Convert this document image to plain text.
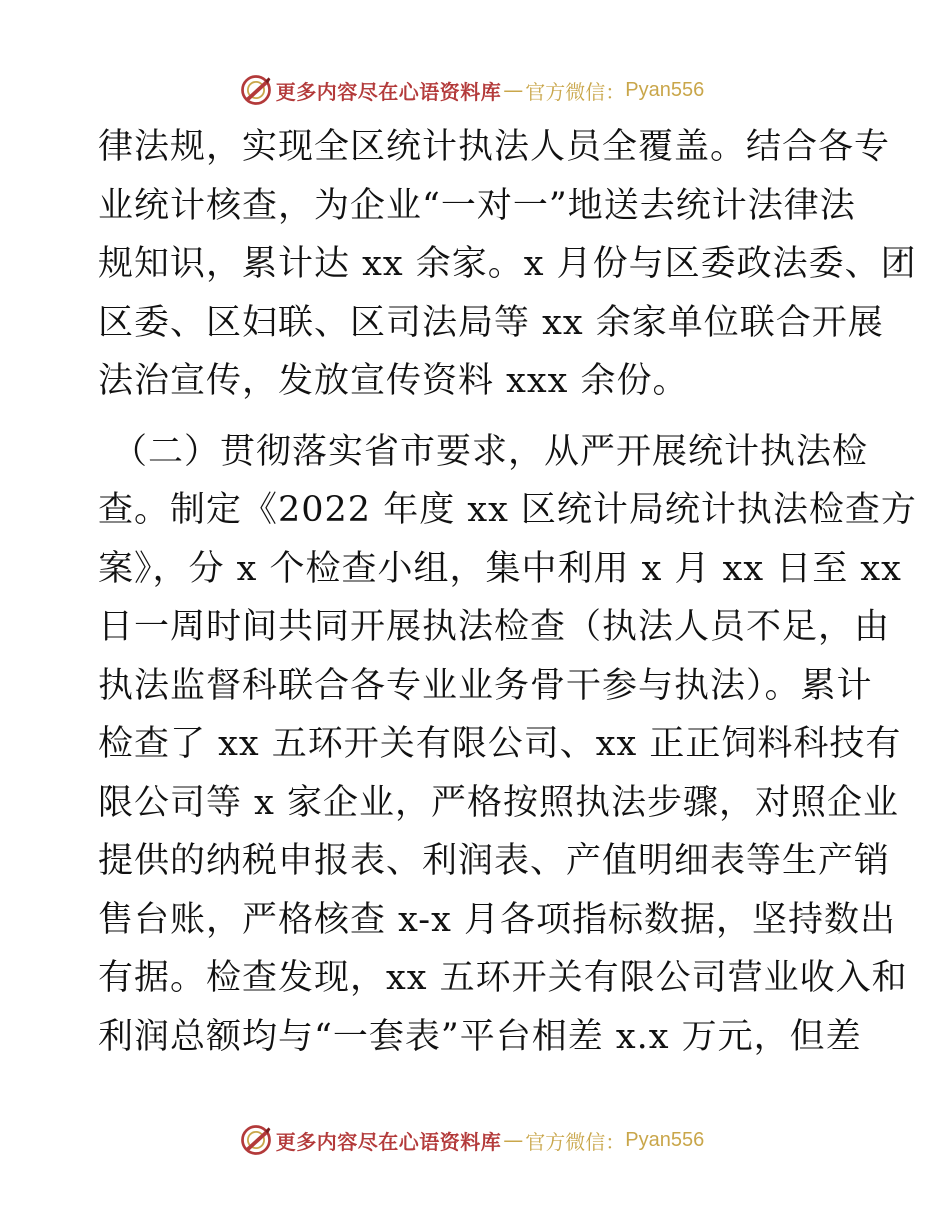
更多内容尽在心语资料库 — 官方微信： Pyan556
律法规，实现全区统计执法人员全覆盖。结合各专
业统计核查，为企业“一对一”地送去统计法律法
规知识，累计达 xx 余家。x 月份与区委政法委、团
区委、区妇联、区司法局等 xx 余家单位联合开展
法治宣传，发放宣传资料 xxx 余份。
（二）贯彻落实省市要求，从严开展统计执法检
查。制定《2022 年度 xx 区统计局统计执法检查方
案》，分 x 个检查小组，集中利用 x 月 xx 日至 xx
日一周时间共同开展执法检查（执法人员不足，由
执法监督科联合各专业业务骨干参与执法）。累计
检查了 xx 五环开关有限公司、xx 正正饲料科技有
限公司等 x 家企业，严格按照执法步骤，对照企业
提供的纳税申报表、利润表、产值明细表等生产销
售台账，严格核查 x-x 月各项指标数据，坚持数出
有据。检查发现，xx 五环开关有限公司营业收入和
利润总额均与“一套表”平台相差 x.x 万元，但差
更多内容尽在心语资料库 — 官方微信： Pyan556
